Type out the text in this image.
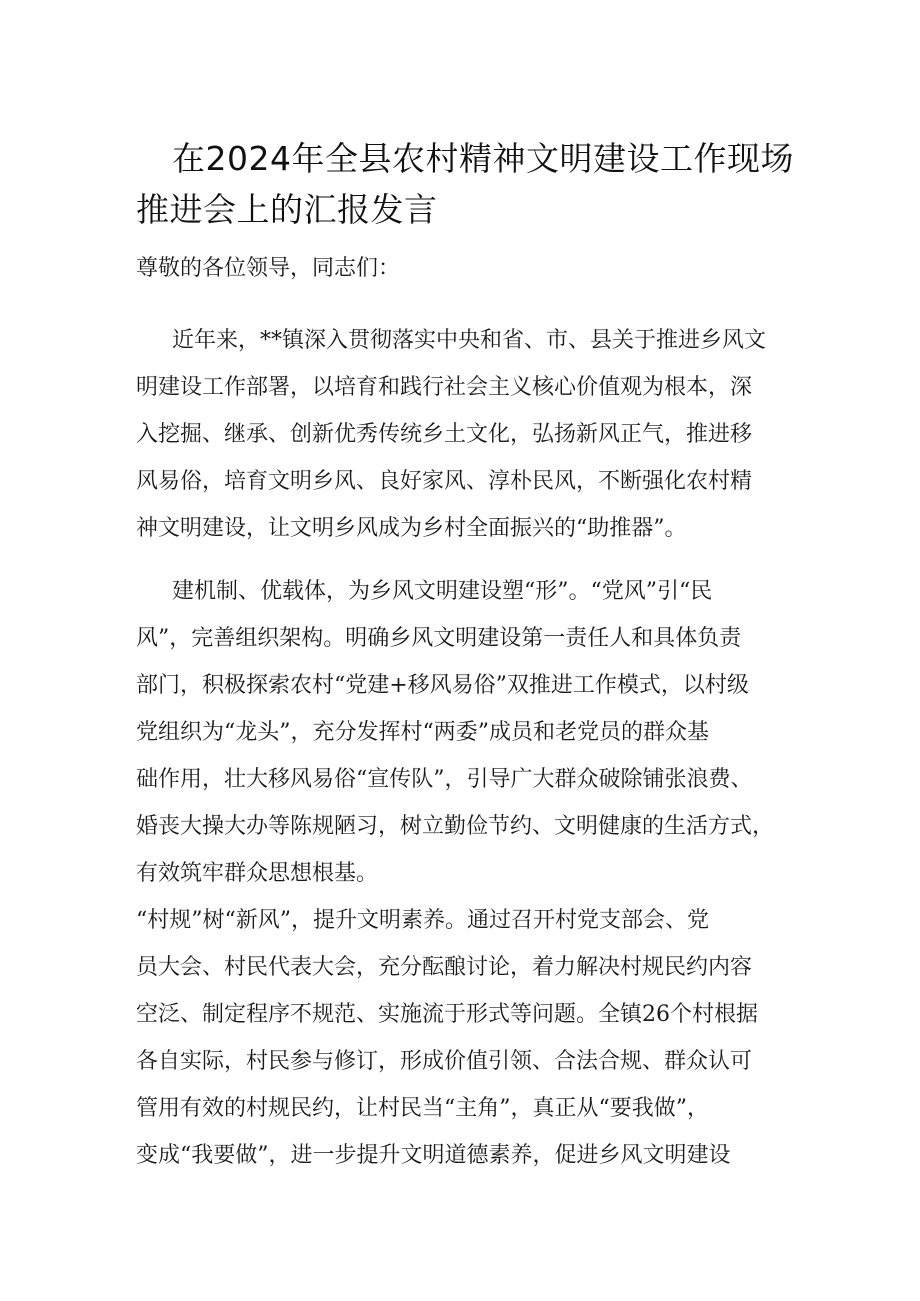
在2024年全县农村精神文明建设工作现场
推进会上的汇报发言
尊敬的各位领导，同志们：
近年来，**镇深入贯彻落实中央和省、市、县关于推进乡风文
明建设工作部署，以培育和践行社会主义核心价值观为根本，深
入挖掘、继承、创新优秀传统乡土文化，弘扬新风正气，推进移
风易俗，培育文明乡风、良好家风、淳朴民风，不断强化农村精
神文明建设，让文明乡风成为乡村全面振兴的“助推器”。
建机制、优载体，为乡风文明建设塑“形”。“党风”引“民
风”，完善组织架构。明确乡风文明建设第一责任人和具体负责
部门，积极探索农村“党建+移风易俗”双推进工作模式，以村级
党组织为“龙头”，充分发挥村“两委”成员和老党员的群众基
础作用，壮大移风易俗“宣传队”，引导广大群众破除铺张浪费、
婚丧大操大办等陈规陋习，树立勤俭节约、文明健康的生活方式，
有效筑牢群众思想根基。
“村规”树“新风”，提升文明素养。通过召开村党支部会、党
员大会、村民代表大会，充分酝酿讨论，着力解决村规民约内容
空泛、制定程序不规范、实施流于形式等问题。全镇26个村根据
各自实际，村民参与修订，形成价值引领、合法合规、群众认可
管用有效的村规民约，让村民当“主角”，真正从“要我做”，
变成“我要做”，进一步提升文明道德素养，促进乡风文明建设
